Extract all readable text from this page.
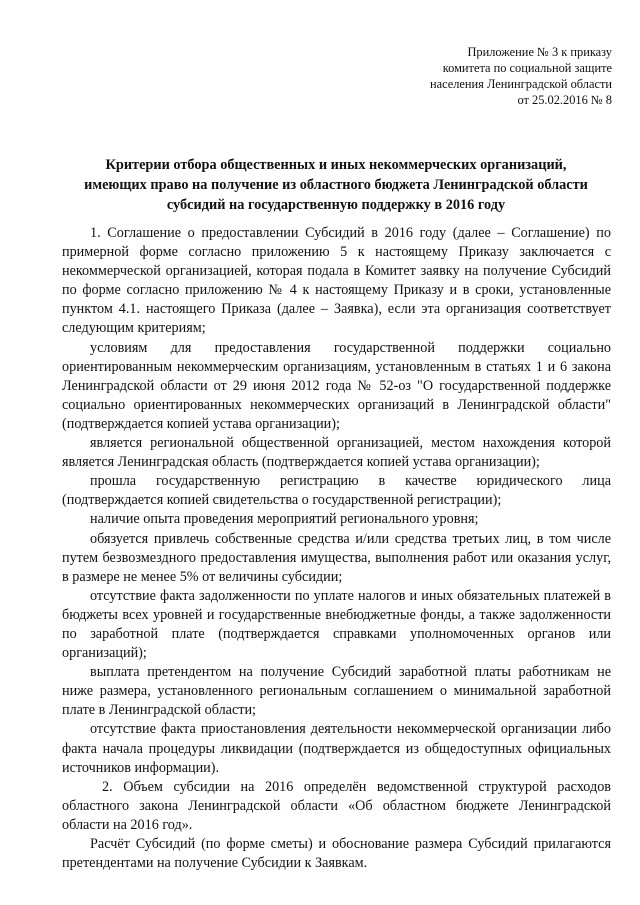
Приложение № 3 к приказу
комитета по социальной защите
населения Ленинградской области
от 25.02.2016 № 8
Критерии отбора общественных и иных некоммерческих организаций,
имеющих право на получение из областного бюджета Ленинградской области
субсидий на государственную поддержку в 2016 году

1. Соглашение о предоставлении Субсидий в 2016 году (далее – Соглашение) по примерной форме согласно приложению 5 к настоящему Приказу заключается с некоммерческой организацией, которая подала в Комитет заявку на получение Субсидий по форме согласно приложению № 4 к настоящему Приказу и в сроки, установленные пунктом 4.1. настоящего Приказа (далее – Заявка), если эта организация соответствует следующим критериям;

условиям для предоставления государственной поддержки социально ориентированным некоммерческим организациям, установленным в статьях 1 и 6 закона Ленинградской области от 29 июня 2012 года № 52-оз "О государственной поддержке социально ориентированных некоммерческих организаций в Ленинградской области" (подтверждается копией устава организации);

является региональной общественной организацией, местом нахождения которой является Ленинградская область (подтверждается копией устава организации);

прошла государственную регистрацию в качестве юридического лица (подтверждается копией свидетельства о государственной регистрации);

наличие опыта проведения мероприятий регионального уровня;

обязуется привлечь собственные средства и/или средства третьих лиц, в том числе путем безвозмездного предоставления имущества, выполнения работ или оказания услуг, в размере не менее 5% от величины субсидии;

отсутствие факта задолженности по уплате налогов и иных обязательных платежей в бюджеты всех уровней и государственные внебюджетные фонды, а также задолженности по заработной плате (подтверждается справками уполномоченных органов или организаций);

выплата претендентом на получение Субсидий заработной платы работникам не ниже размера, установленного региональным соглашением о минимальной заработной плате в Ленинградской области;

отсутствие факта приостановления деятельности некоммерческой организации либо факта начала процедуры ликвидации (подтверждается из общедоступных официальных источников информации).

2. Объем субсидии на 2016 определён ведомственной структурой расходов областного закона Ленинградской области «Об областном бюджете Ленинградской области на 2016 год».

Расчёт Субсидий (по форме сметы) и обоснование размера Субсидий прилагаются претендентами на получение Субсидии к Заявкам.
